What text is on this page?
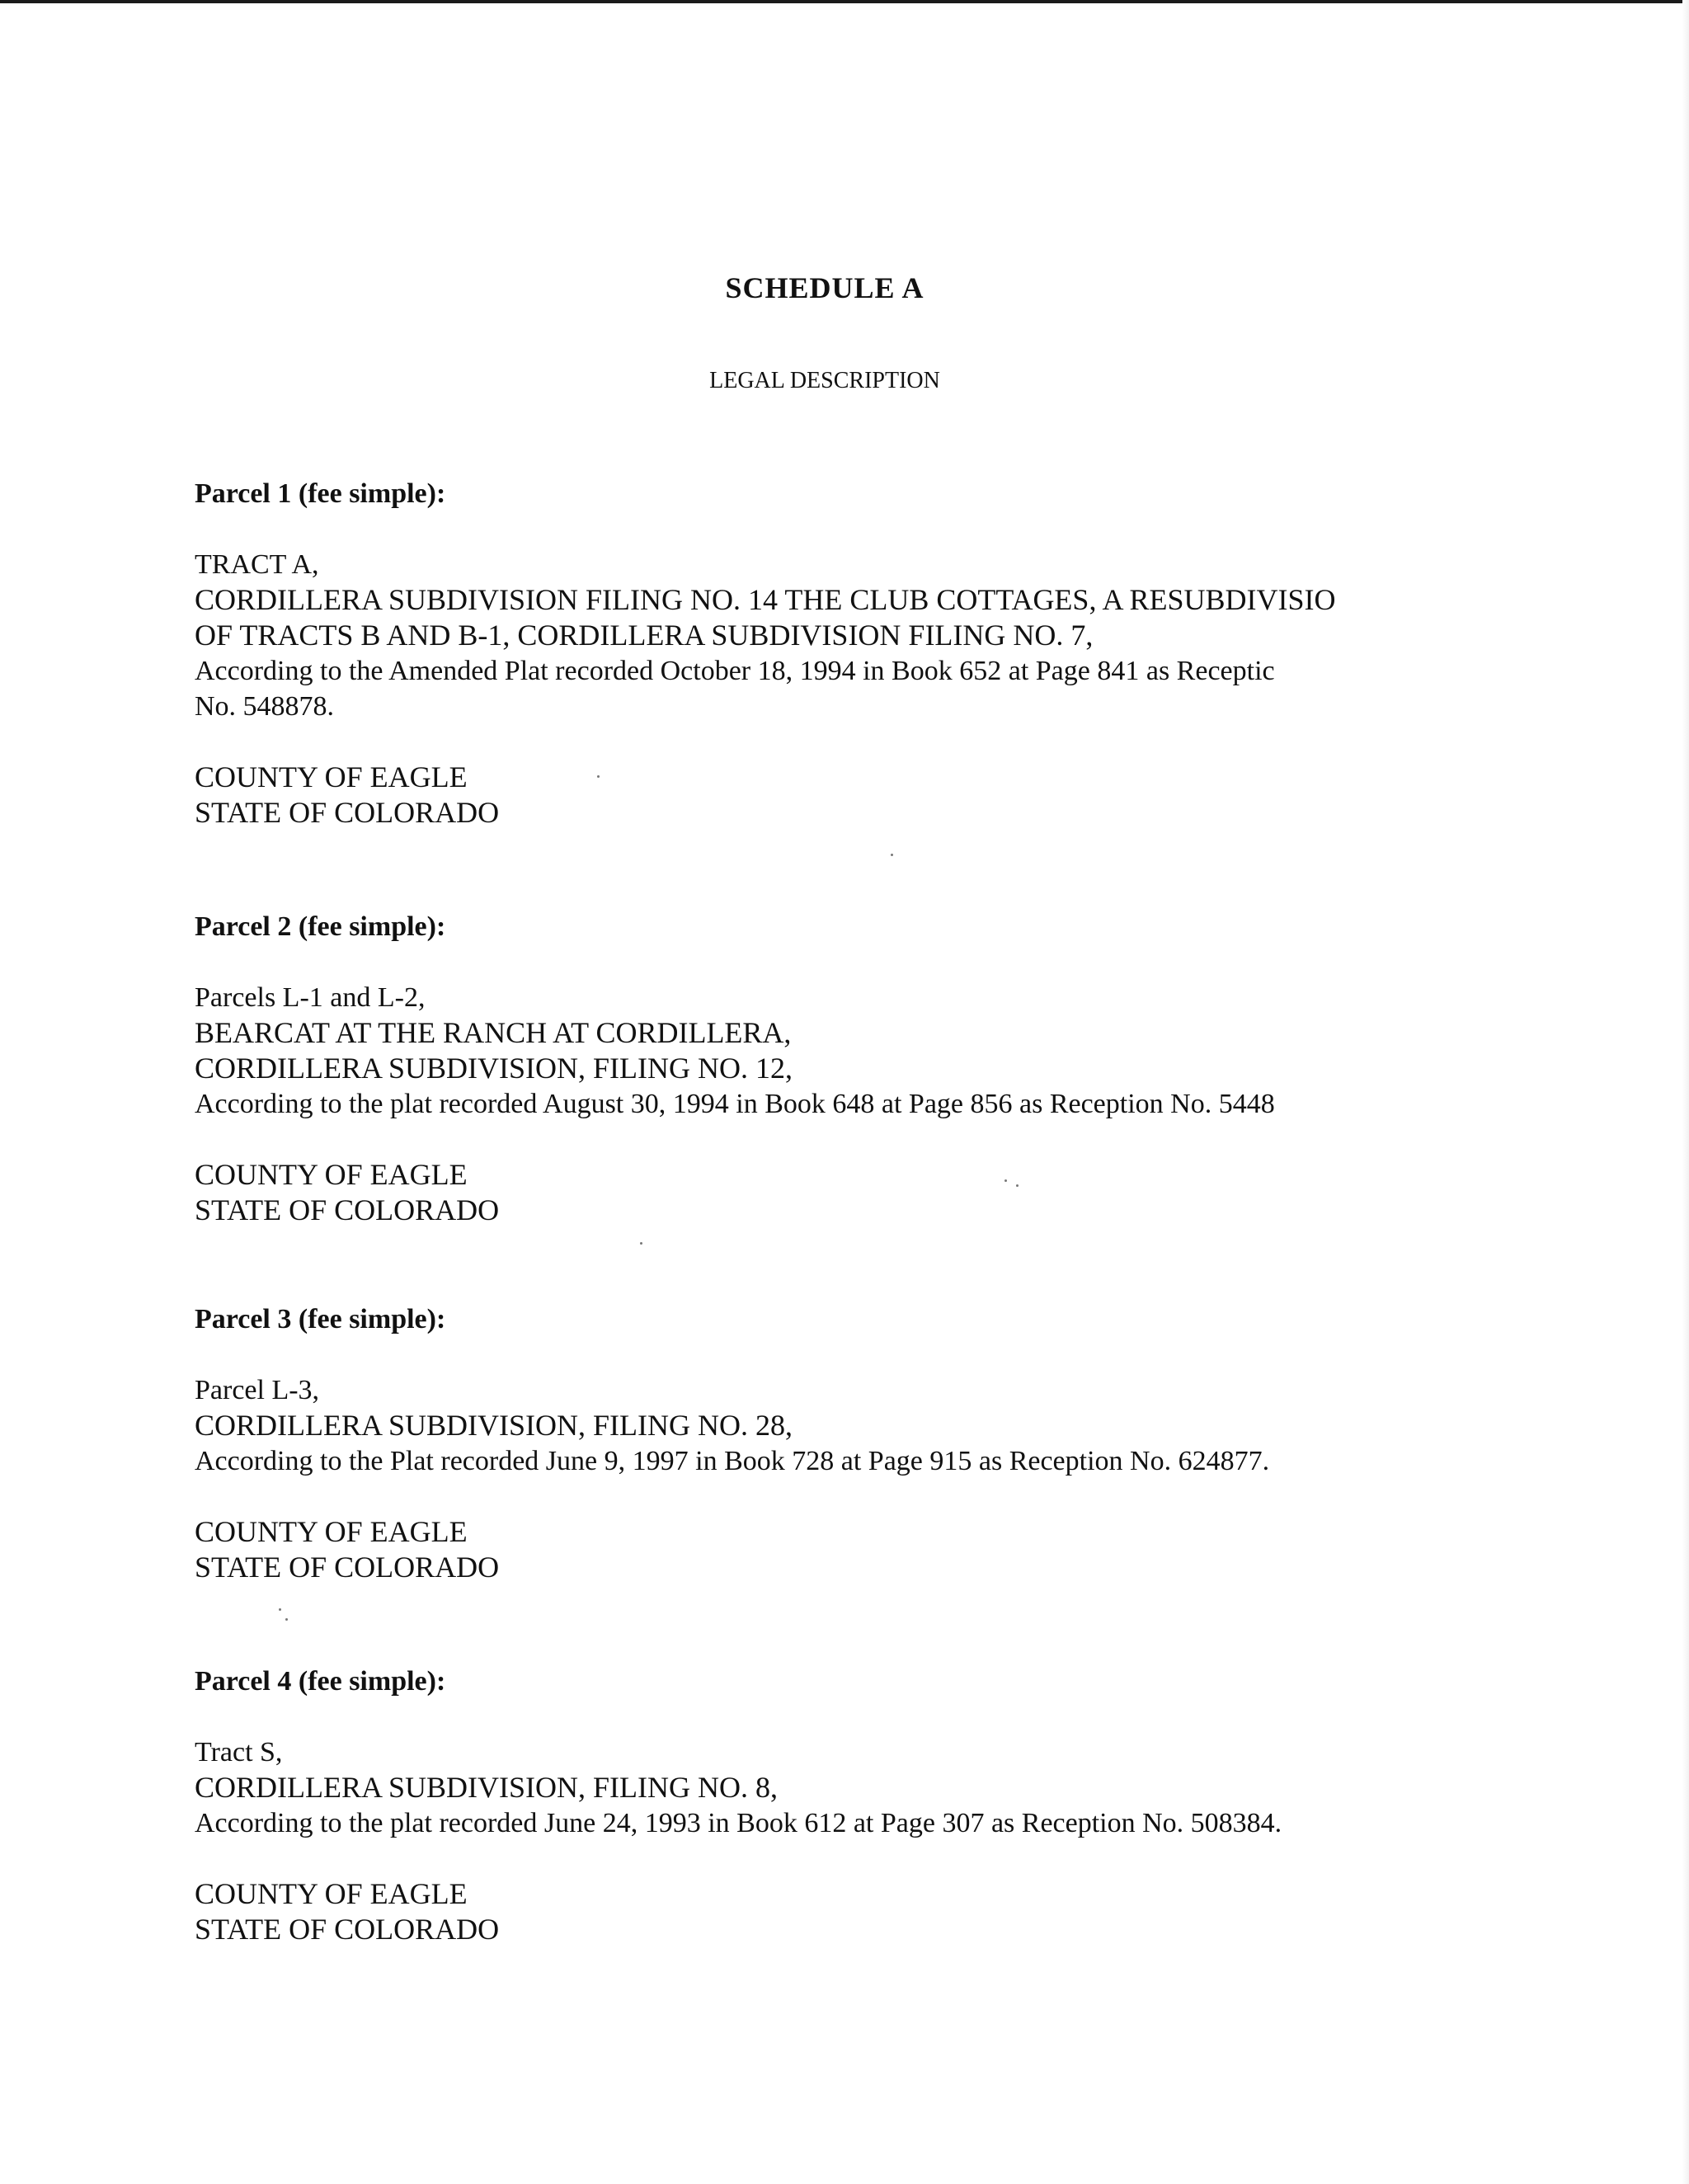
SCHEDULE A
LEGAL DESCRIPTION
Parcel 1 (fee simple):
TRACT A,
CORDILLERA SUBDIVISION FILING NO. 14 THE CLUB COTTAGES, A RESUBDIVISIO
OF TRACTS B AND B-1, CORDILLERA SUBDIVISION FILING NO. 7,
According to the Amended Plat recorded October 18, 1994 in Book 652 at Page 841 as Receptic
No. 548878.
COUNTY OF EAGLE
STATE OF COLORADO
Parcel 2 (fee simple):
Parcels L-1 and L-2,
BEARCAT AT THE RANCH AT CORDILLERA,
CORDILLERA SUBDIVISION, FILING NO. 12,
According to the plat recorded August 30, 1994 in Book 648 at Page 856 as Reception No. 5448
COUNTY OF EAGLE
STATE OF COLORADO
Parcel 3 (fee simple):
Parcel L-3,
CORDILLERA SUBDIVISION, FILING NO. 28,
According to the Plat recorded June 9, 1997 in Book 728 at Page 915 as Reception No. 624877.
COUNTY OF EAGLE
STATE OF COLORADO
Parcel 4 (fee simple):
Tract S,
CORDILLERA SUBDIVISION, FILING NO. 8,
According to the plat recorded June 24, 1993 in Book 612 at Page 307 as Reception No. 508384.
COUNTY OF EAGLE
STATE OF COLORADO
